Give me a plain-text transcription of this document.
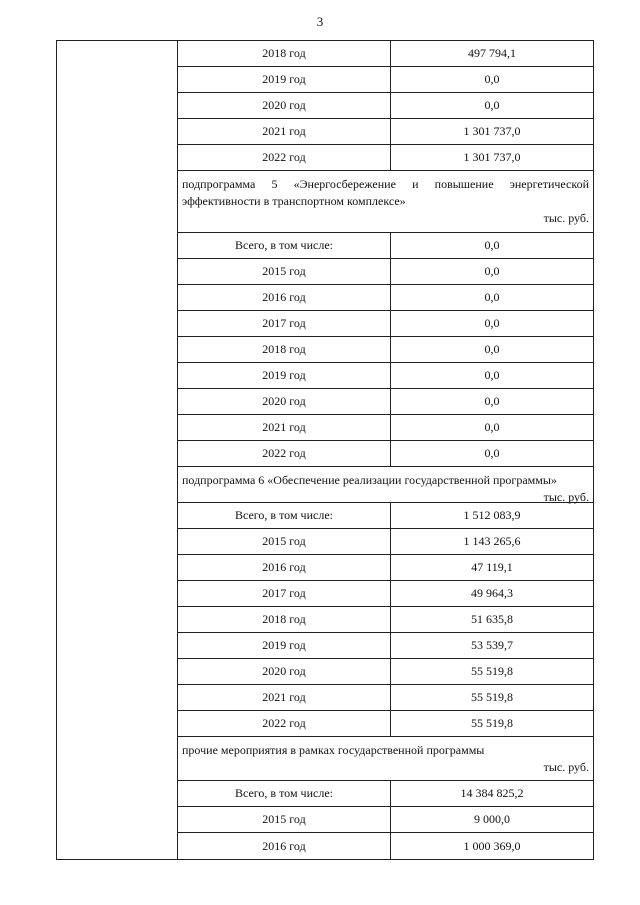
3
2018 год	497 794,1
2019 год	0,0
2020 год	0,0
2021 год	1 301 737,0
2022 год	1 301 737,0
подпрограмма 5 «Энергосбережение и повышение энергетической эффективности в транспортном комплексе»
тыс. руб.
Всего, в том числе:	0,0
2015 год	0,0
2016 год	0,0
2017 год	0,0
2018 год	0,0
2019 год	0,0
2020 год	0,0
2021 год	0,0
2022 год	0,0
подпрограмма 6 «Обеспечение реализации государственной программы»
тыс. руб.
Всего, в том числе:	1 512 083,9
2015 год	1 143 265,6
2016 год	47 119,1
2017 год	49 964,3
2018 год	51 635,8
2019 год	53 539,7
2020 год	55 519,8
2021 год	55 519,8
2022 год	55 519,8
прочие мероприятия в рамках государственной программы
тыс. руб.
Всего, в том числе:	14 384 825,2
2015 год	9 000,0
2016 год	1 000 369,0
